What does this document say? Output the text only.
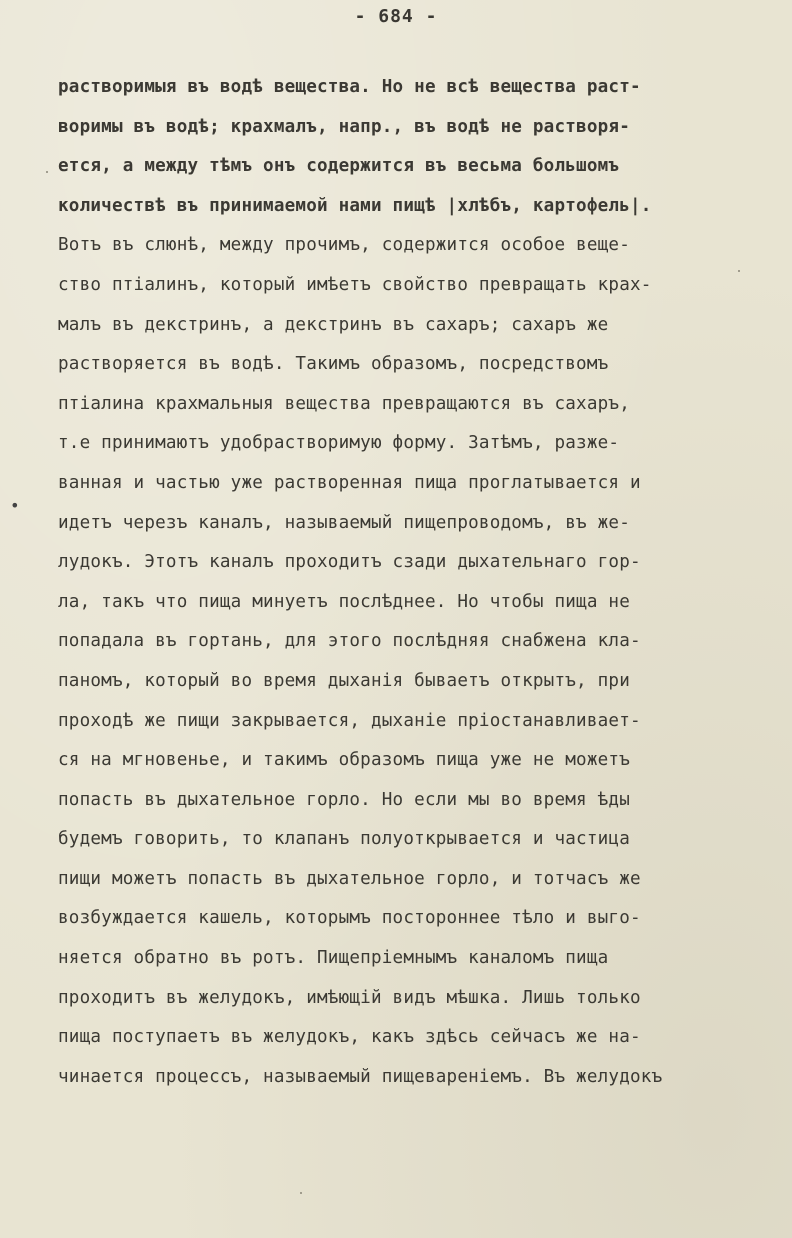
- 684 -
•
растворимыя въ водѣ вещества. Но не всѣ вещества раст-
воримы въ водѣ; крахмалъ, напр., въ водѣ не растворя-
ется, а между тѣмъ онъ содержится въ весьма большомъ
количествѣ въ принимаемой нами пищѣ |хлѣбъ, картофель|.
Вотъ въ слюнѣ, между прочимъ, содержится особое веще-
ство птіалинъ, который имѣетъ свойство превращать крах-
малъ въ декстринъ, а декстринъ въ сахаръ; сахаръ же
растворяется въ водѣ. Такимъ образомъ, посредствомъ
птіалина крахмальныя вещества превращаются въ сахаръ,
т.е принимаютъ удобрастворимую форму. Затѣмъ, разже-
ванная и частью уже растворенная пища проглатывается и
идетъ черезъ каналъ, называемый пищепроводомъ, въ же-
лудокъ. Этотъ каналъ проходитъ сзади дыхательнаго гор-
ла, такъ что пища минуетъ послѣднее. Но чтобы пища не
попадала въ гортань, для этого послѣдняя снабжена кла-
паномъ, который во время дыханія бываетъ открытъ, при
проходѣ же пищи закрывается, дыханіе пріостанавливает-
ся на мгновенье, и такимъ образомъ пища уже не можетъ
попасть въ дыхательное горло. Но если мы во время ѣды
будемъ говорить, то клапанъ полуоткрывается и частица
пищи можетъ попасть въ дыхательное горло, и тотчасъ же
возбуждается кашель, которымъ постороннее тѣло и выго-
няется обратно въ ротъ. Пищепріемнымъ каналомъ пища
проходитъ въ желудокъ, имѣющій видъ мѣшка. Лишь только
пища поступаетъ въ желудокъ, какъ здѣсь сейчасъ же на-
чинается процессъ, называемый пищевареніемъ. Въ желудокъ
